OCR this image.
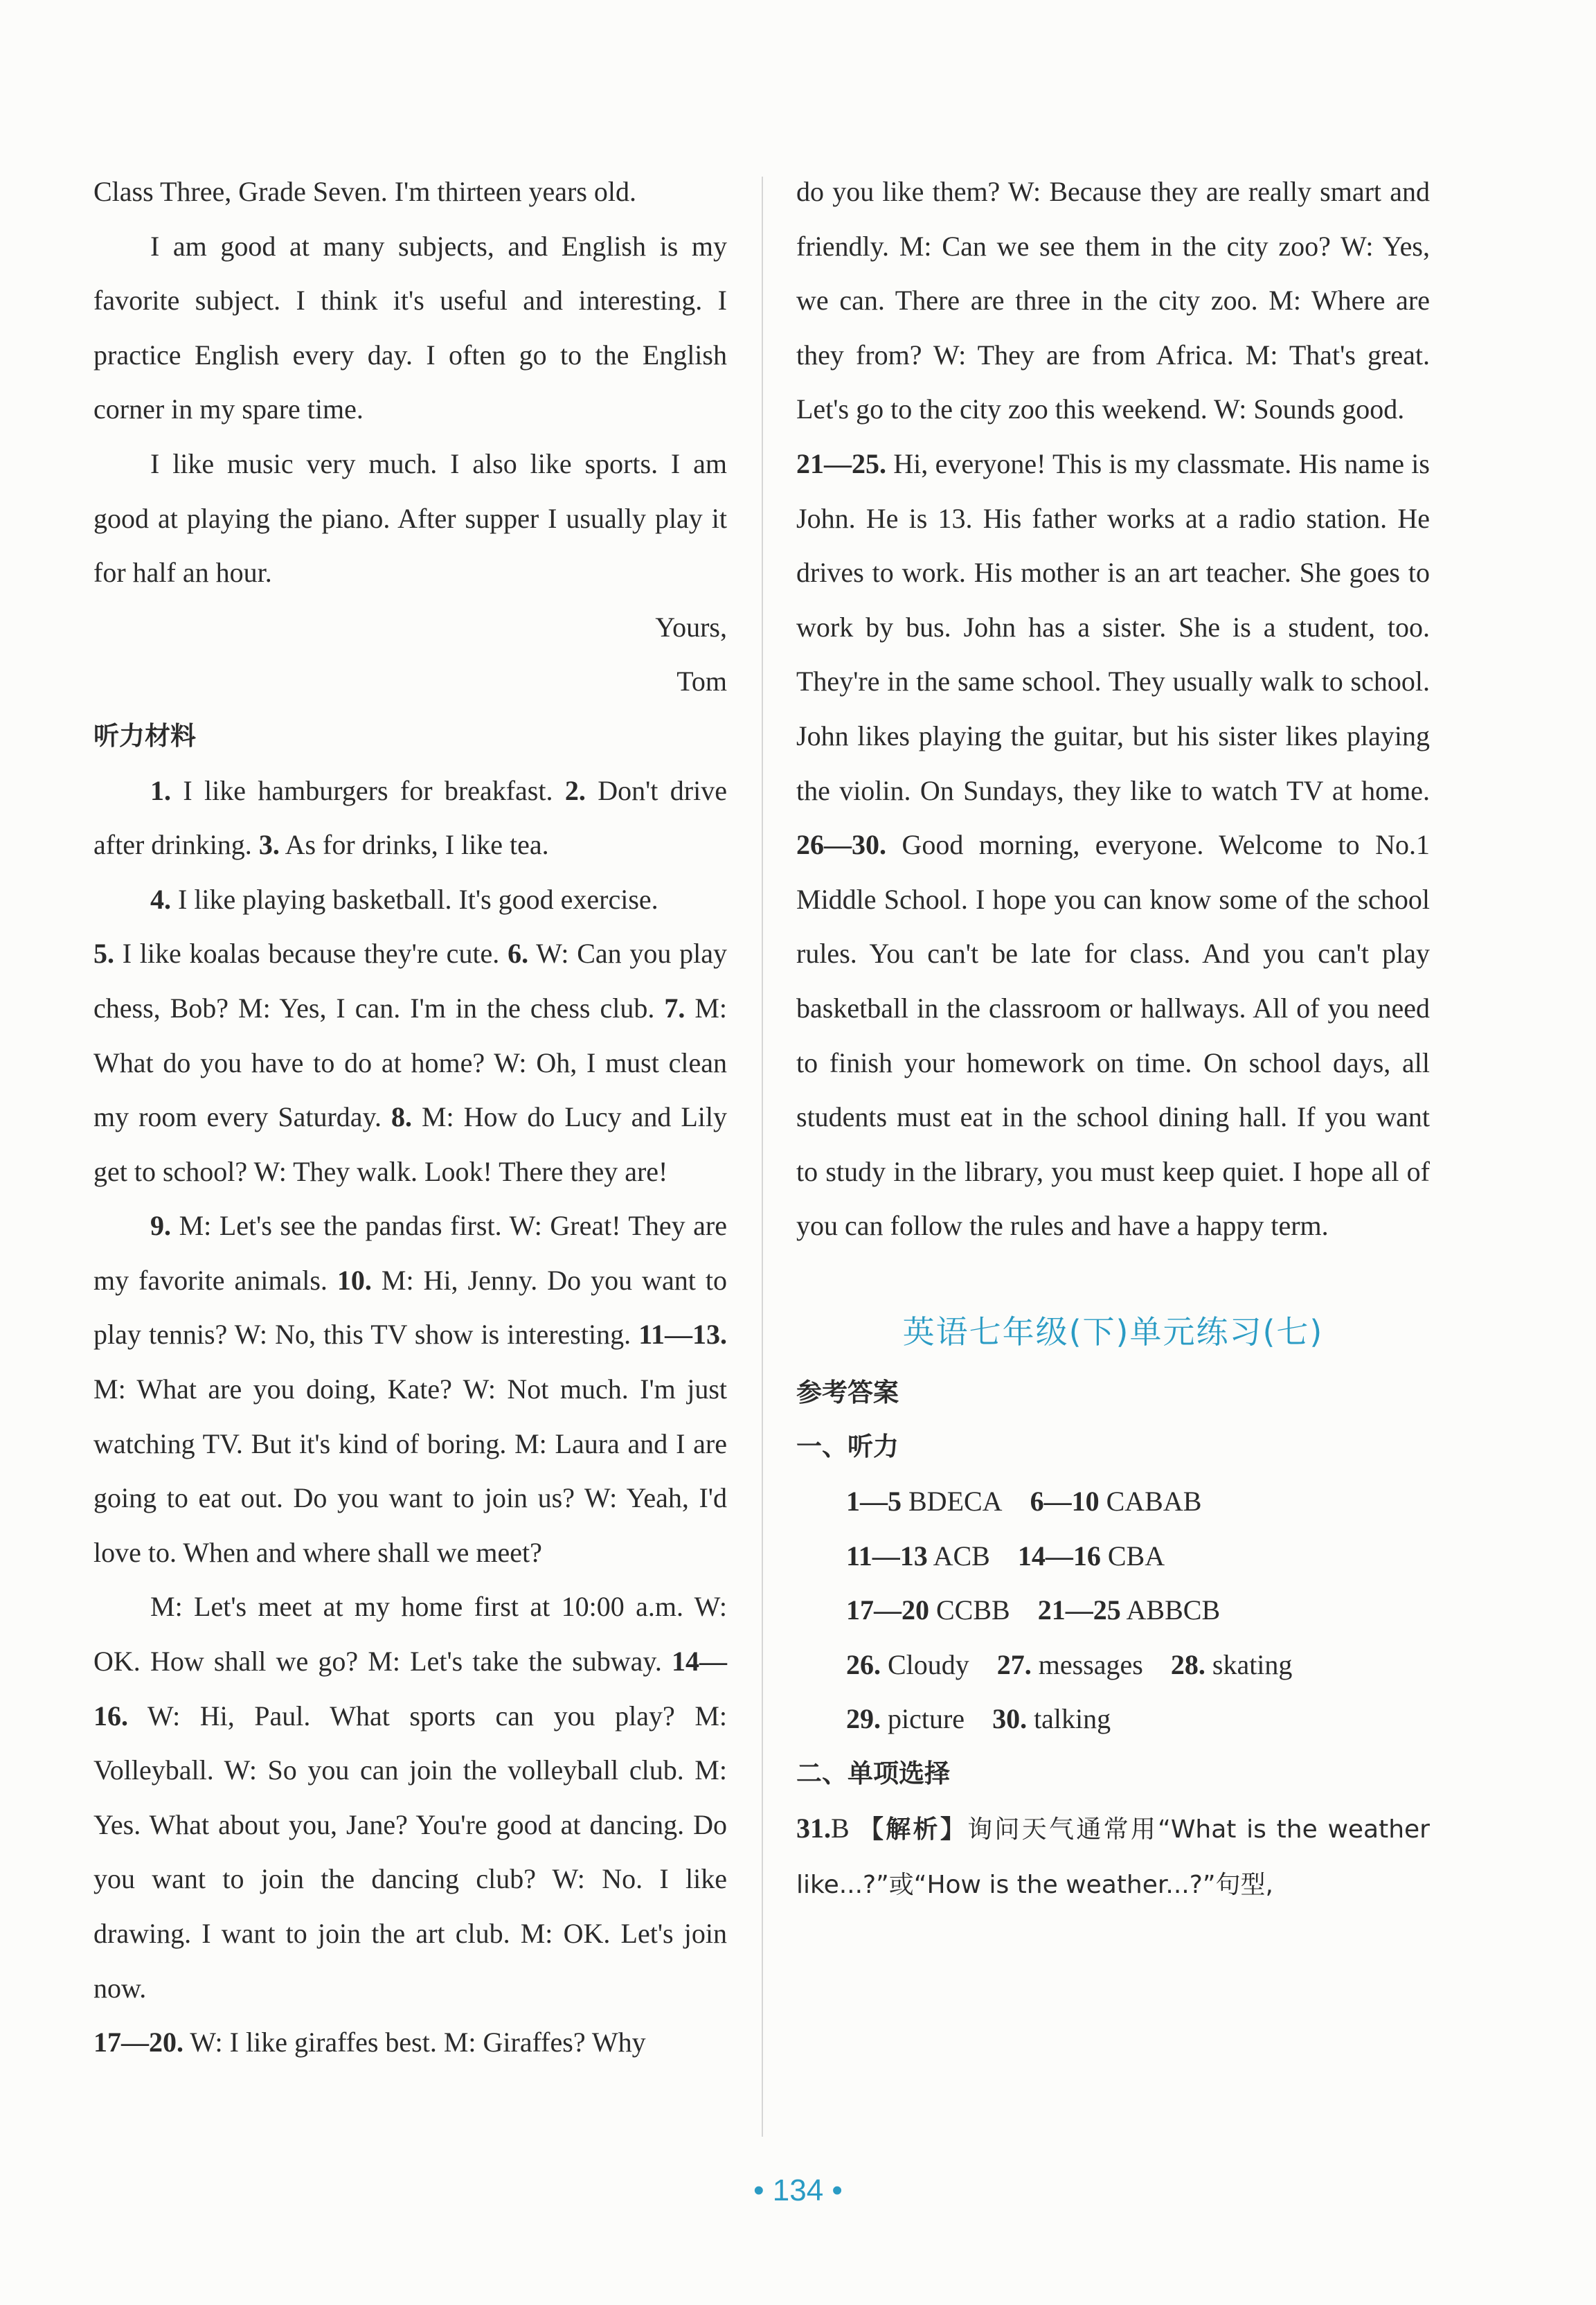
Class Three, Grade Seven. I'm thirteen years old.

I am good at many subjects, and English is my favorite subject. I think it's useful and interesting. I practice English every day. I often go to the English corner in my spare time.

I like music very much. I also like sports. I am good at playing the piano. After supper I usually play it for half an hour.

Yours,

Tom

听力材料

1. I like hamburgers for breakfast. 2. Don't drive after drinking. 3. As for drinks, I like tea.

4. I like playing basketball. It's good exercise.

5. I like koalas because they're cute. 6. W: Can you play chess, Bob? M: Yes, I can. I'm in the chess club. 7. M: What do you have to do at home? W: Oh, I must clean my room every Saturday. 8. M: How do Lucy and Lily get to school? W: They walk. Look! There they are!

9. M: Let's see the pandas first. W: Great! They are my favorite animals. 10. M: Hi, Jenny. Do you want to play tennis? W: No, this TV show is interesting. 11—13. M: What are you doing, Kate? W: Not much. I'm just watching TV. But it's kind of boring. M: Laura and I are going to eat out. Do you want to join us? W: Yeah, I'd love to. When and where shall we meet?

M: Let's meet at my home first at 10:00 a.m. W: OK. How shall we go? M: Let's take the subway. 14—16. W: Hi, Paul. What sports can you play? M: Volleyball. W: So you can join the volleyball club. M: Yes. What about you, Jane? You're good at dancing. Do you want to join the dancing club? W: No. I like drawing. I want to join the art club. M: OK. Let's join now.

17—20. W: I like giraffes best. M: Giraffes? Why

do you like them? W: Because they are really smart and friendly. M: Can we see them in the city zoo? W: Yes, we can. There are three in the city zoo. M: Where are they from? W: They are from Africa. M: That's great. Let's go to the city zoo this weekend. W: Sounds good.

21—25. Hi, everyone! This is my classmate. His name is John. He is 13. His father works at a radio station. He drives to work. His mother is an art teacher. She goes to work by bus. John has a sister. She is a student, too. They're in the same school. They usually walk to school. John likes playing the guitar, but his sister likes playing the violin. On Sundays, they like to watch TV at home. 26—30. Good morning, everyone. Welcome to No.1 Middle School. I hope you can know some of the school rules. You can't be late for class. And you can't play basketball in the classroom or hallways. All of you need to finish your homework on time. On school days, all students must eat in the school dining hall. If you want to study in the library, you must keep quiet. I hope all of you can follow the rules and have a happy term.

英语七年级(下)单元练习(七)
参考答案
一、听力

1—5 BDECA 6—10 CABAB

11—13 ACB 14—16 CBA

17—20 CCBB 21—25 ABBCB

26. Cloudy 27. messages 28. skating

29. picture 30. talking

二、单项选择

31.B 【解析】询问天气通常用“What is the weather like...?”或“How is the weather...?”句型,

• 134 •
